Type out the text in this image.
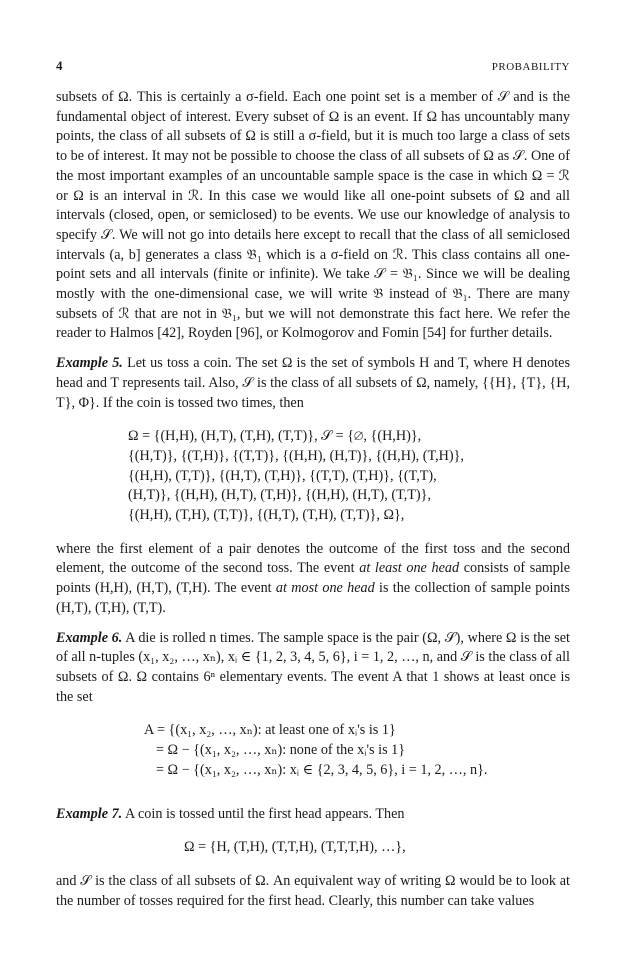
4	PROBABILITY

subsets of Ω. This is certainly a σ-field. Each one point set is a member of 𝒮 and is the fundamental object of interest. Every subset of Ω is an event. If Ω has uncountably many points, the class of all subsets of Ω is still a σ-field, but it is much too large a class of sets to be of interest. It may not be possible to choose the class of all subsets of Ω as 𝒮. One of the most important examples of an uncountable sample space is the case in which Ω = ℛ or Ω is an interval in ℛ. In this case we would like all one-point subsets of Ω and all intervals (closed, open, or semiclosed) to be events. We use our knowledge of analysis to specify 𝒮. We will not go into details here except to recall that the class of all semiclosed intervals (a, b] generates a class 𝔅₁ which is a σ-field on ℛ. This class contains all one-point sets and all intervals (finite or infinite). We take 𝒮 = 𝔅₁. Since we will be dealing mostly with the one-dimensional case, we will write 𝔅 instead of 𝔅₁. There are many subsets of ℛ that are not in 𝔅₁, but we will not demonstrate this fact here. We refer the reader to Halmos [42], Royden [96], or Kolmogorov and Fomin [54] for further details.

Example 5. Let us toss a coin. The set Ω is the set of symbols H and T, where H denotes head and T represents tail. Also, 𝒮 is the class of all subsets of Ω, namely, {{H}, {T}, {H, T}, Φ}. If the coin is tossed two times, then

Ω = {(H,H), (H,T), (T,H), (T,T)}, 𝒮 = {∅, {(H,H)},
{(H,T)}, {(T,H)}, {(T,T)}, {(H,H), (H,T)}, {(H,H), (T,H)},
{(H,H), (T,T)}, {(H,T), (T,H)}, {(T,T), (T,H)}, {(T,T),
(H,T)}, {(H,H), (H,T), (T,H)}, {(H,H), (H,T), (T,T)},
{(H,H), (T,H), (T,T)}, {(H,T), (T,H), (T,T)}, Ω},

where the first element of a pair denotes the outcome of the first toss and the second element, the outcome of the second toss. The event at least one head consists of sample points (H,H), (H,T), (T,H). The event at most one head is the collection of sample points (H,T), (T,H), (T,T).

Example 6. A die is rolled n times. The sample space is the pair (Ω, 𝒮), where Ω is the set of all n-tuples (x₁, x₂, …, xₙ), xᵢ ∈ {1, 2, 3, 4, 5, 6}, i = 1, 2, …, n, and 𝒮 is the class of all subsets of Ω. Ω contains 6ⁿ elementary events. The event A that 1 shows at least once is the set

A = {(x₁, x₂, …, xₙ): at least one of xᵢ's is 1}
= Ω − {(x₁, x₂, …, xₙ): none of the xᵢ's is 1}
= Ω − {(x₁, x₂, …, xₙ): xᵢ ∈ {2, 3, 4, 5, 6}, i = 1, 2, …, n}.

Example 7. A coin is tossed until the first head appears. Then

Ω = {H, (T,H), (T,T,H), (T,T,T,H), …},

and 𝒮 is the class of all subsets of Ω. An equivalent way of writing Ω would be to look at the number of tosses required for the first head. Clearly, this number can take values
